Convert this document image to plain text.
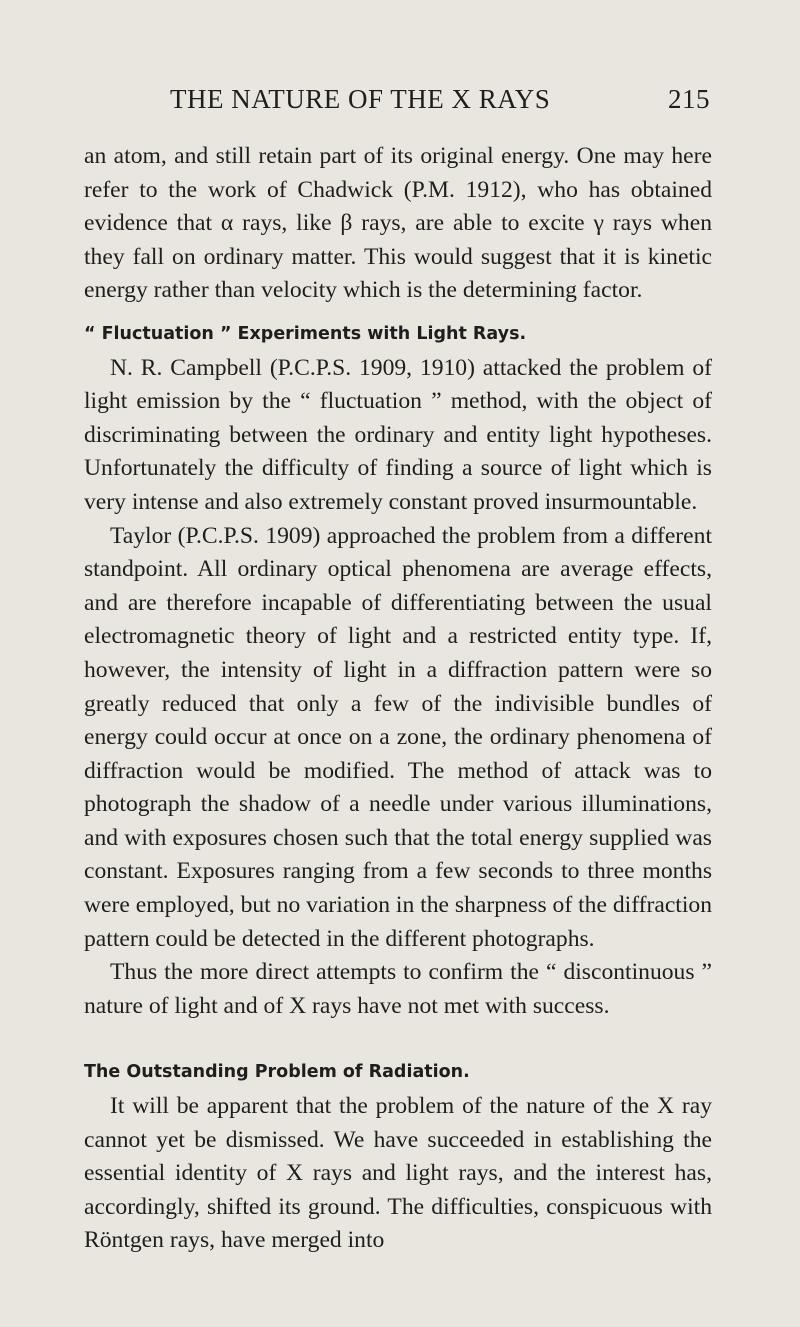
THE NATURE OF THE X RAYS	215

an atom, and still retain part of its original energy. One may here refer to the work of Chadwick (P.M. 1912), who has obtained evidence that α rays, like β rays, are able to excite γ rays when they fall on ordinary matter. This would suggest that it is kinetic energy rather than velocity which is the determining factor.

“ Fluctuation ” Experiments with Light Rays.

N. R. Campbell (P.C.P.S. 1909, 1910) attacked the problem of light emission by the “ fluctuation ” method, with the object of discriminating between the ordinary and entity light hypotheses. Unfortunately the difficulty of finding a source of light which is very intense and also extremely constant proved insurmountable.

Taylor (P.C.P.S. 1909) approached the problem from a different standpoint. All ordinary optical phenomena are average effects, and are therefore incapable of differentiating between the usual electromagnetic theory of light and a restricted entity type. If, however, the intensity of light in a diffraction pattern were so greatly reduced that only a few of the indivisible bundles of energy could occur at once on a zone, the ordinary phenomena of diffraction would be modified. The method of attack was to photograph the shadow of a needle under various illuminations, and with exposures chosen such that the total energy supplied was constant. Exposures ranging from a few seconds to three months were employed, but no variation in the sharpness of the diffraction pattern could be detected in the different photographs.

Thus the more direct attempts to confirm the “ discontinuous ” nature of light and of X rays have not met with success.

The Outstanding Problem of Radiation.

It will be apparent that the problem of the nature of the X ray cannot yet be dismissed. We have succeeded in establishing the essential identity of X rays and light rays, and the interest has, accordingly, shifted its ground. The difficulties, conspicuous with Röntgen rays, have merged into
